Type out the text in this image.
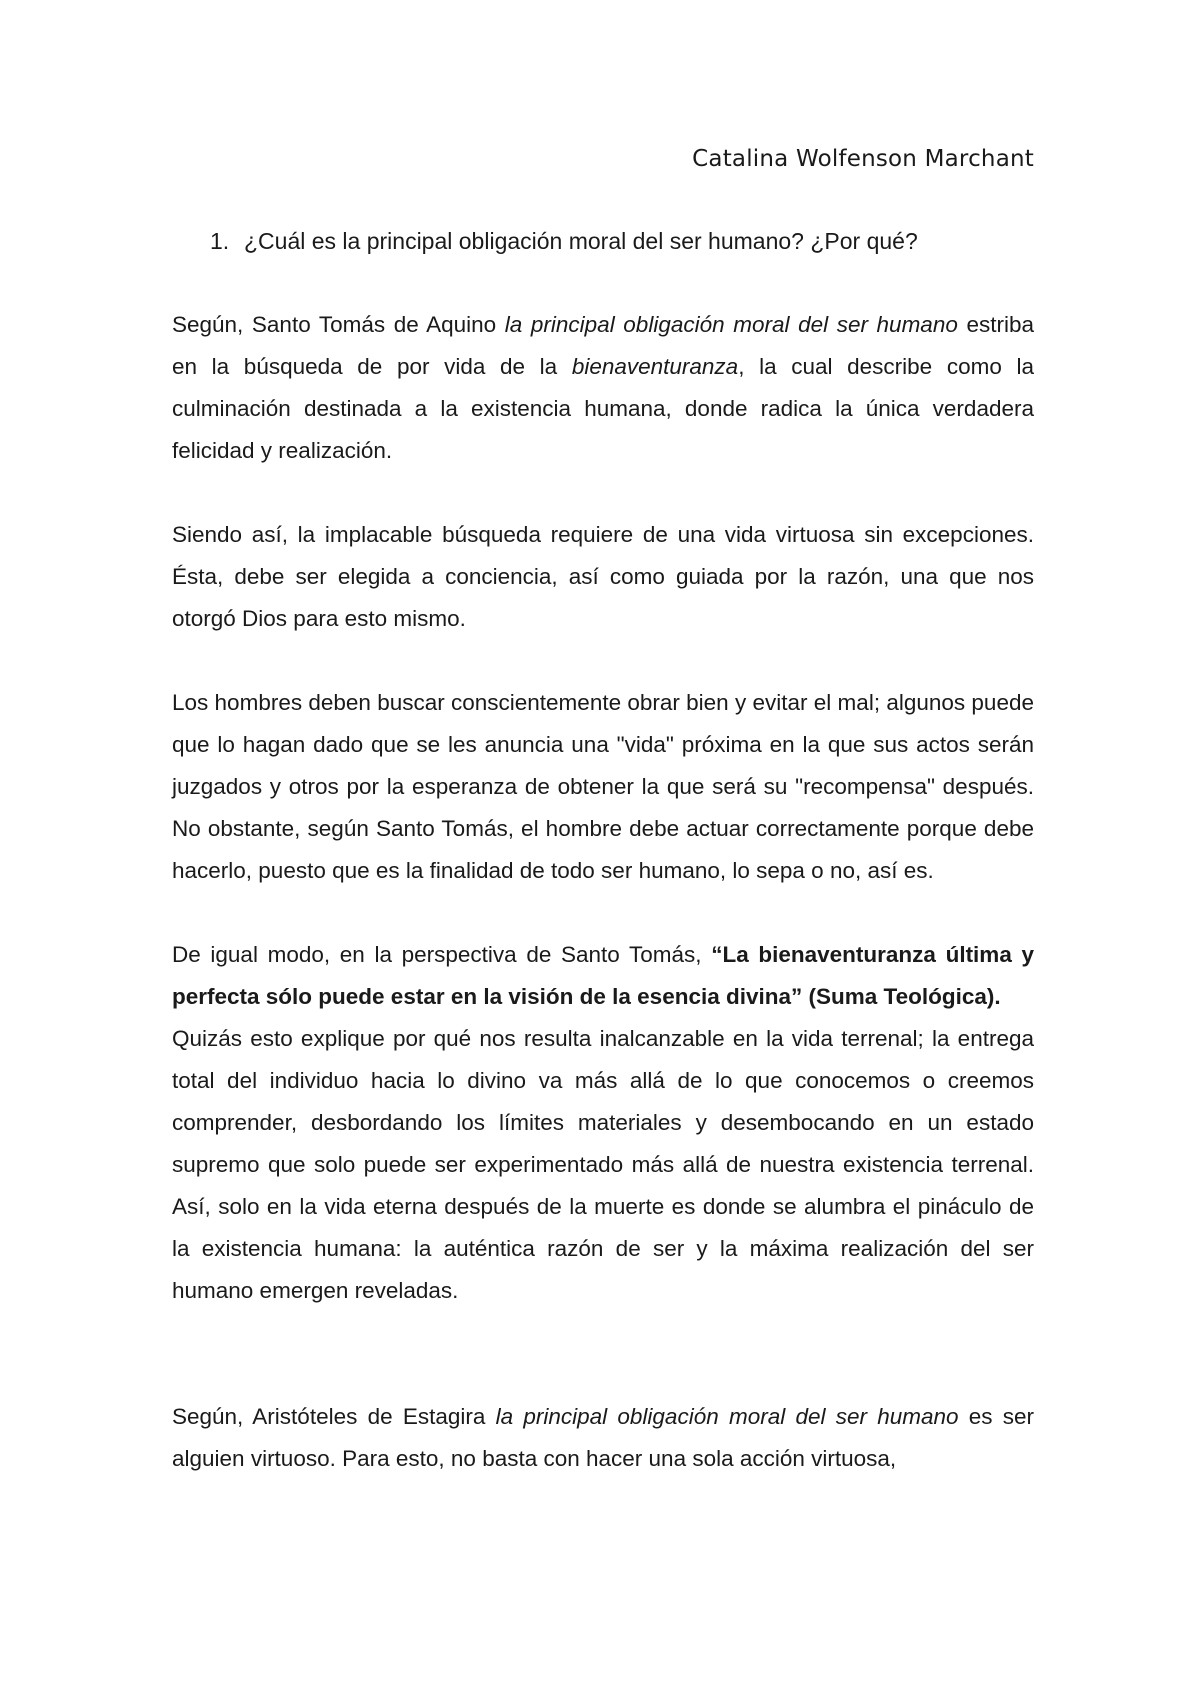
Catalina Wolfenson Marchant
1. ¿Cuál es la principal obligación moral del ser humano? ¿Por qué?

Según, Santo Tomás de Aquino la principal obligación moral del ser humano estriba en la búsqueda de por vida de la bienaventuranza, la cual describe como la culminación destinada a la existencia humana, donde radica la única verdadera felicidad y realización.

Siendo así, la implacable búsqueda requiere de una vida virtuosa sin excepciones. Ésta, debe ser elegida a conciencia, así como guiada por la razón, una que nos otorgó Dios para esto mismo.

Los hombres deben buscar conscientemente obrar bien y evitar el mal; algunos puede que lo hagan dado que se les anuncia una "vida" próxima en la que sus actos serán juzgados y otros por la esperanza de obtener la que será su "recompensa" después. No obstante, según Santo Tomás, el hombre debe actuar correctamente porque debe hacerlo, puesto que es la finalidad de todo ser humano, lo sepa o no, así es.

De igual modo, en la perspectiva de Santo Tomás, “La bienaventuranza última y perfecta sólo puede estar en la visión de la esencia divina” (Suma Teológica).

Quizás esto explique por qué nos resulta inalcanzable en la vida terrenal; la entrega total del individuo hacia lo divino va más allá de lo que conocemos o creemos comprender, desbordando los límites materiales y desembocando en un estado supremo que solo puede ser experimentado más allá de nuestra existencia terrenal. Así, solo en la vida eterna después de la muerte es donde se alumbra el pináculo de la existencia humana: la auténtica razón de ser y la máxima realización del ser humano emergen reveladas.

Según, Aristóteles de Estagira la principal obligación moral del ser humano es ser alguien virtuoso. Para esto, no basta con hacer una sola acción virtuosa,
